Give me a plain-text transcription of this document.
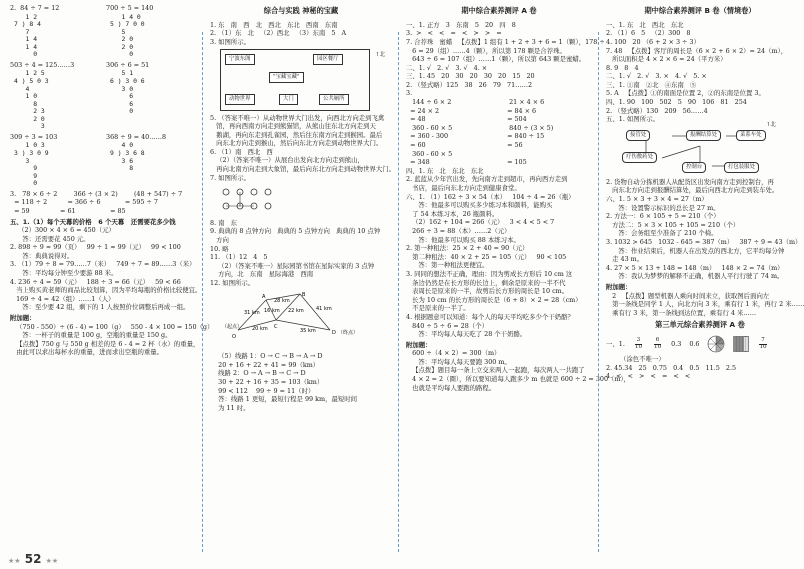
2.  84 ÷ 7 = 12
1 2
7 ) 8 4
7
1 4
1 4
0
700 ÷ 5 = 140
1 4 0
5 ) 7 0 0
5
2 0
2 0
0
503 ÷ 4 = 125……3
1 2 5
4 ) 5 0 3
4
1 0
8
2 3
2 0
3
306 ÷ 6 = 51
5 1
6 ) 3 0 6
3 0
6
6
0
309 ÷ 3 = 103
1 0 3
3 ) 3 0 9
3
9
9
0
368 ÷ 9 = 40……8
4 0
9 ) 3 6 8
3 6
8
3.   78 × 6 ÷ 2        366 ÷ (3 × 2)        (48 + 547) ÷ 7
= 118 ÷ 2          = 366 ÷ 6            = 595 ÷ 7
= 59               = 61                 = 85
五、1.（1）每个天幕的价格   6 个天幕   还需要花多少钱
（2）300 × 4 × 6 = 450（元）
答：还需要花 450 元。
2. 898 ÷ 9 ≈ 99（页）   99 ÷ 1 ≈ 99（元）   99 < 100
答：典典说得对。
3. （1）79 ÷ 8 = 79……7（米）   749 ÷ 7 = 89……3（米）
答：平均每分钟至少要游 88 米。
4. 236 ÷ 4 = 59（元）   188 ÷ 3 = 66（元）   59 < 66
当上购买黄老师的商品比较划算，因为平均每瓶的价格比较便宜。
169 ÷ 4 = 42（组）……1（人）
答：至少要 42 组，剩下的 1 人按照价位调整后再成一组。
附加题：
（750 - 550）÷ (6 - 4) = 100（g）   550 - 4 × 100 = 150（g）
答：一杯子的重量是 100 g，空瓶的重量是 150 g。
【点拨】750 g 与 550 g 相差的是 6 - 4 = 2 杯（水）的重量，
由此可以求出每杯水的重量，进而求出空瓶的重量。
综合与实践 神秘的宝藏
1. 东   南   西   北   西北   东北   西南   东南
2. （1）东   北   （2）西北   （3）东南   5   A
3. 如图所示。
宁波东阁	园区餐厅
"宝藏宝藏"
动物世界	大门	公共厕所
↑北
5. （答案不唯一）从动物世界大门出发，向西北方向走到飞禽
馆，再向西南方向走到熊猫馆，从熊山往东北方向走到天
鹅湖，再向东走到孔雀园，然后往东南方向走到猴园。最后
向东北方向走到猴山，然后向东北方向走到动物世界大门。
6. （1）南   西北   西
（2）（答案不唯一）从展台出发向北方向走到熊山，
再向北南方向走到大象馆，最后向东北方向走到动物世界大门。
7. 如图所示。
8. 南   东
9. 典典的 8 点钟方向   典典的 5 点钟方向   典典的 10 点钟
方向
10. 略
11. （1）12   4   5
（2）（答案不唯一）星际园第书馆在星际实家的 3 点钟
方向，北   东南   星际海港   西南
12. 如图所示。
（起点）
O
A	B
C
D （终点）
31 km
28 km
41 km
20 km
16 km 22 km
35 km
（5）线路 1：O → C → B → A → D
20 + 16 + 22 + 41 = 99（km）
线路 2：O → A → B → C → D
30 + 22 + 16 + 35 = 103（km）
99 < 112    99 ÷ 9 = 11（时）
答：线路 1 更短，最短行程是 99 km，最短时间
为 11 时。
期中综合素养测评 A 卷
一、1. 正方   3   东南   5   20   四   8
3.  >   <   <   =   <   >   >   =
7. 合荐珠   蜜蜡   【点拨】1 组有 1 + 2 + 3 + 6 = 1（颗），178 ÷
6 = 29（组）……4（颗），所以第 178 颗是合荐珠。
643 ÷ 6 = 107（组）……1（颗），所以第 643 颗是蜜蜡。
二、1. √   2. √   3. √   4. ×
三、1. 45   20   30   20   30   20   15   20
2. （竖式略）125   38   26   79   71……2
3.
144 ÷ 6 × 2
= 24 × 2
= 48
360 - 60 × 5
= 360 - 300
= 60
360 - 60 × 5
= 348
21 × 4 × 6
= 84 × 6
= 504
840 ÷ (3 × 5)
= 840 ÷ 15
= 56
= 105
四、1. 东   北   东北   东北
2. 蓝蓝从少年宫出发，先向南方走到超市，再向西方走到
书店，最后向东北方向走到健康食堂。
六、1. （1）162 ÷ 3 × 54（本）   104 ÷ 4 = 26（瓶）
答：他最多可以购买多少练习本和颜料，能购买
了 54 本练习本，26 瓶颜料。
（2）162 + 104 = 266（元）   3 < 4 < 5 < 7
266 ÷ 3 = 88（本）……2（元）
答：他最多可以购买 88 本练习本。
2. 第一种租法：25 × 2 + 40 = 90（元）
第二种租法：40 × 2 + 25 = 105（元）   90 < 105
答：第一种租法更便宜。
3. 同同的想法不正确，理由：因为剪成长方形后 10 cm 这
条边仍然是在长方形的长边上，剩余是原来的一半不代
表周长是原来的一半，故剪后长方形的周长是 10 cm。
长为 10 cm 的长方形的周长是（6 + 8）× 2 = 28（cm）
不是原来的一半了。
4. 根据题意可以知道：每个人的每天平均吃多少个干奶酪？
840 ÷ 5 ÷ 6 = 28（个）
答：平均每人每天吃了 28 个干奶酪。
附加题：
600 ÷（4 × 2）= 300（m）
答：平均每人每天要跑 300 m。
【点拨】题目每一条上立交来两人一起跑，每次两人一共跑了
4 × 2 = 2（圈），所以要知道每人跑多少 m 也就是 600 ÷ 2 = 300（m），
也就是平均每人要跑的路程。
期中综合素养测评 B 卷（情境卷）
一、1. 东   北   西北   东北
2. （1）6   5   （2）300   8
4. 100   20 （6 + 2 × 3 ÷ 3）
7. 48   【点拨】客厅的周长是（6 × 2 + 6 × 2）= 24（m），
所以面积是 4 × 2 × 6 = 24（平方米）
8. 9   8   4
二、1. √   2. √   3. ×   4. √   5. ×
三、1. ①南   ②北   ④东南   ⑤
5. A   【点拨】①的南面是位置 2，②的东南是位置 3。
四、1. 90   100   502   5   90   106   81   254
2. （竖式略）130   209   56……4
五、1. 如图所示。
接管处	报酬结算处	菜系车处
疗伤敷药处
控制台	打包装服处
↑北
2. 货物自动分拣机器人从配货区出发向南方走到控制台，再
向东北方向走到报酬结算处，最后向西北方向走到装车处。
六、1. 5 × 3 + 3 × 4 = 27（m）
答：设置警示标识的总长是 27 m。
2. 方法一：6 × 105 + 5 = 210（个）
方法二：5 × 3 × 105 + 105 = 210（个）
答：会务组至少准备了 210 个椅。
3. 1032 > 645   1032 - 645 = 387（m）   387 ÷ 9 = 43（m）
答：作业结束后，机器人在出发点的西北方，它平均每分钟
走 43 m。
4. 27 × 5 × 13 + 148 = 148（m）   148 × 2 = 74（m）
答：我认为梦梦的解释不正确，机器人平行行驶了 74 m。
附加题：
2   【点拨】题型机器人乘向时间来立，获取图后面向左
第一条线是同学 1 人，向北方向 3 米，乘有行 1 米，再行 2 米……
乘有行 3 米，第一条线到达位置，乘有行 4 米……
第三单元综合素养测评 A 卷
一、1. $\frac{3}{10} \frac{6}{10} 0.3$ 0.6	$\frac{7}{10}$
（涂色不唯一）
2. 45.34   25   0.75   0.4   0.5   11.5   2.5
4.  <   <   >   <   =   <   <
★★ 52 ★★
